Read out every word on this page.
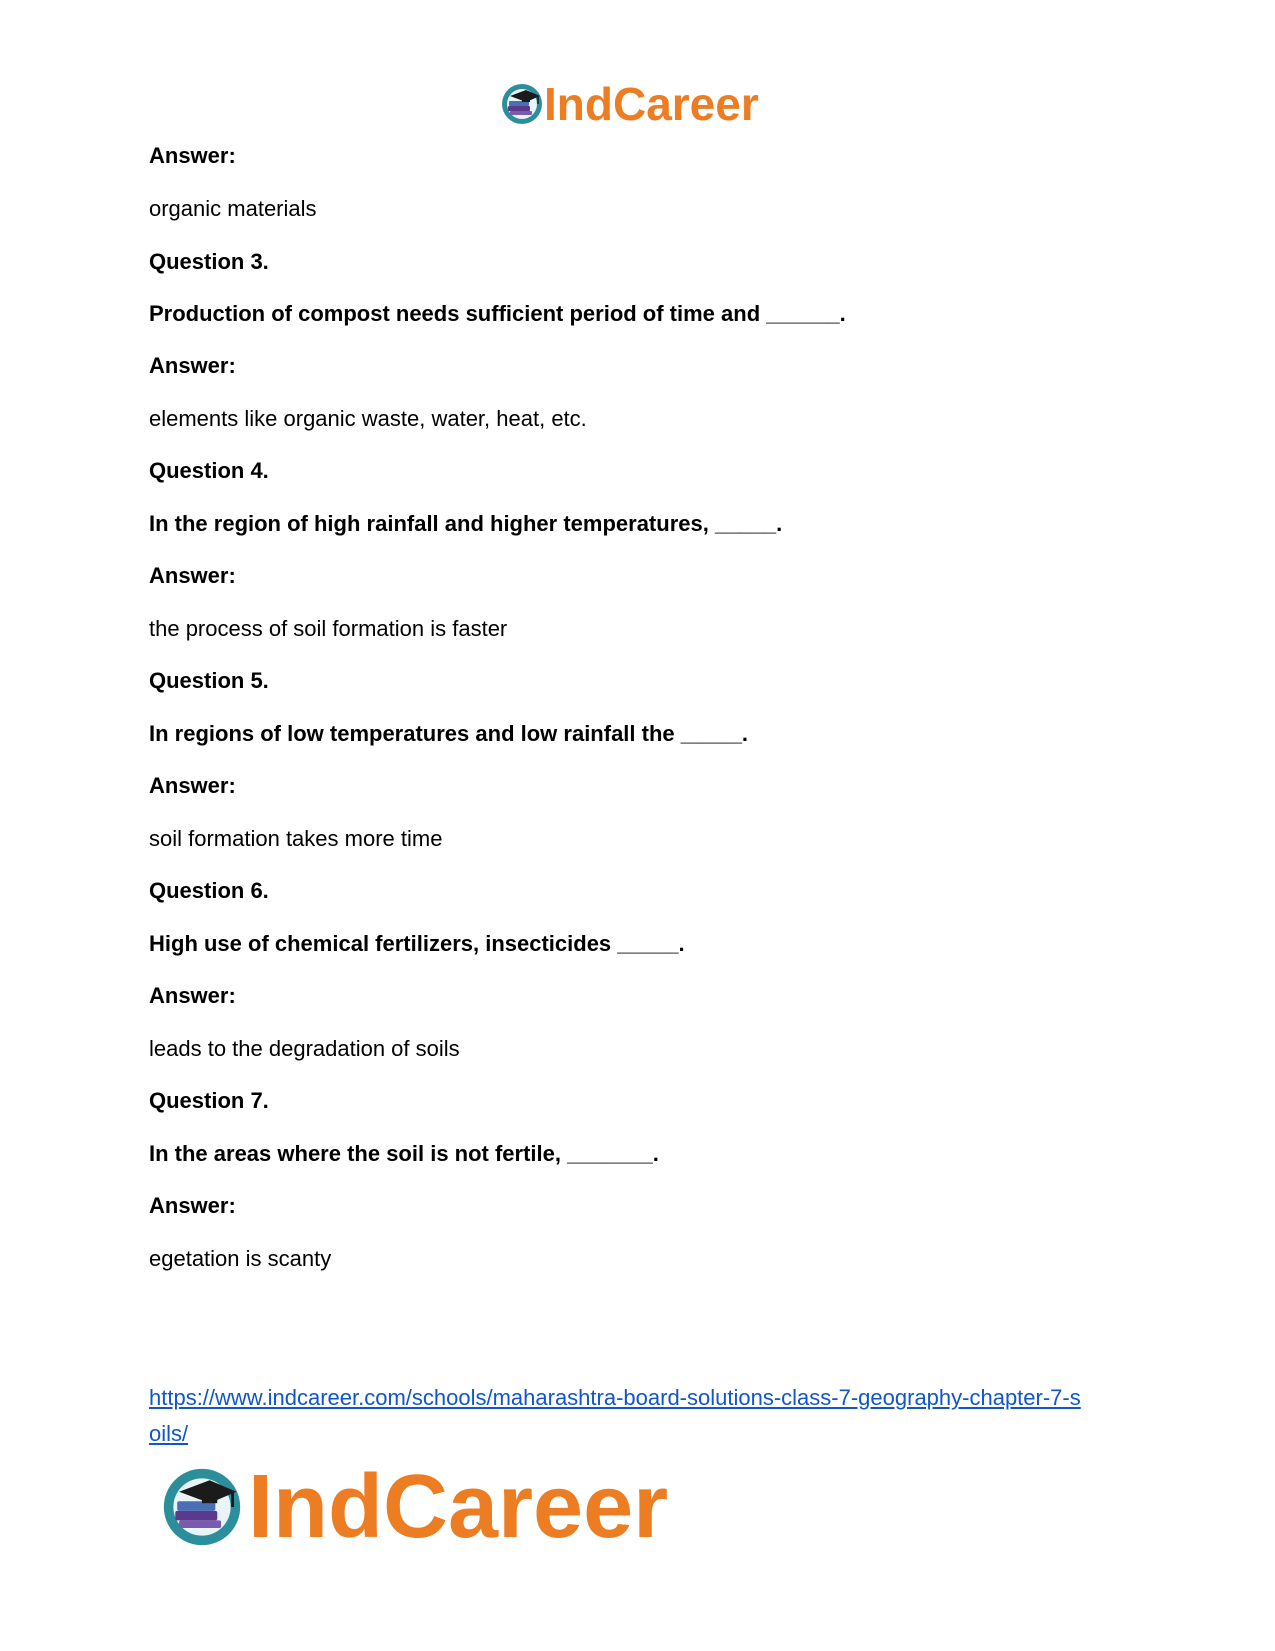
IndCareer
Answer:
organic materials
Question 3.
Production of compost needs sufficient period of time and ______.
Answer:
elements like organic waste, water, heat, etc.
Question 4.
In the region of high rainfall and higher temperatures, _____.
Answer:
the process of soil formation is faster
Question 5.
In regions of low temperatures and low rainfall the _____.
Answer:
soil formation takes more time
Question 6.
High use of chemical fertilizers, insecticides _____.
Answer:
leads to the degradation of soils
Question 7.
In the areas where the soil is not fertile, _______.
Answer:
egetation is scanty
https://www.indcareer.com/schools/maharashtra-board-solutions-class-7-geography-chapter-7-s
oils/
IndCareer
